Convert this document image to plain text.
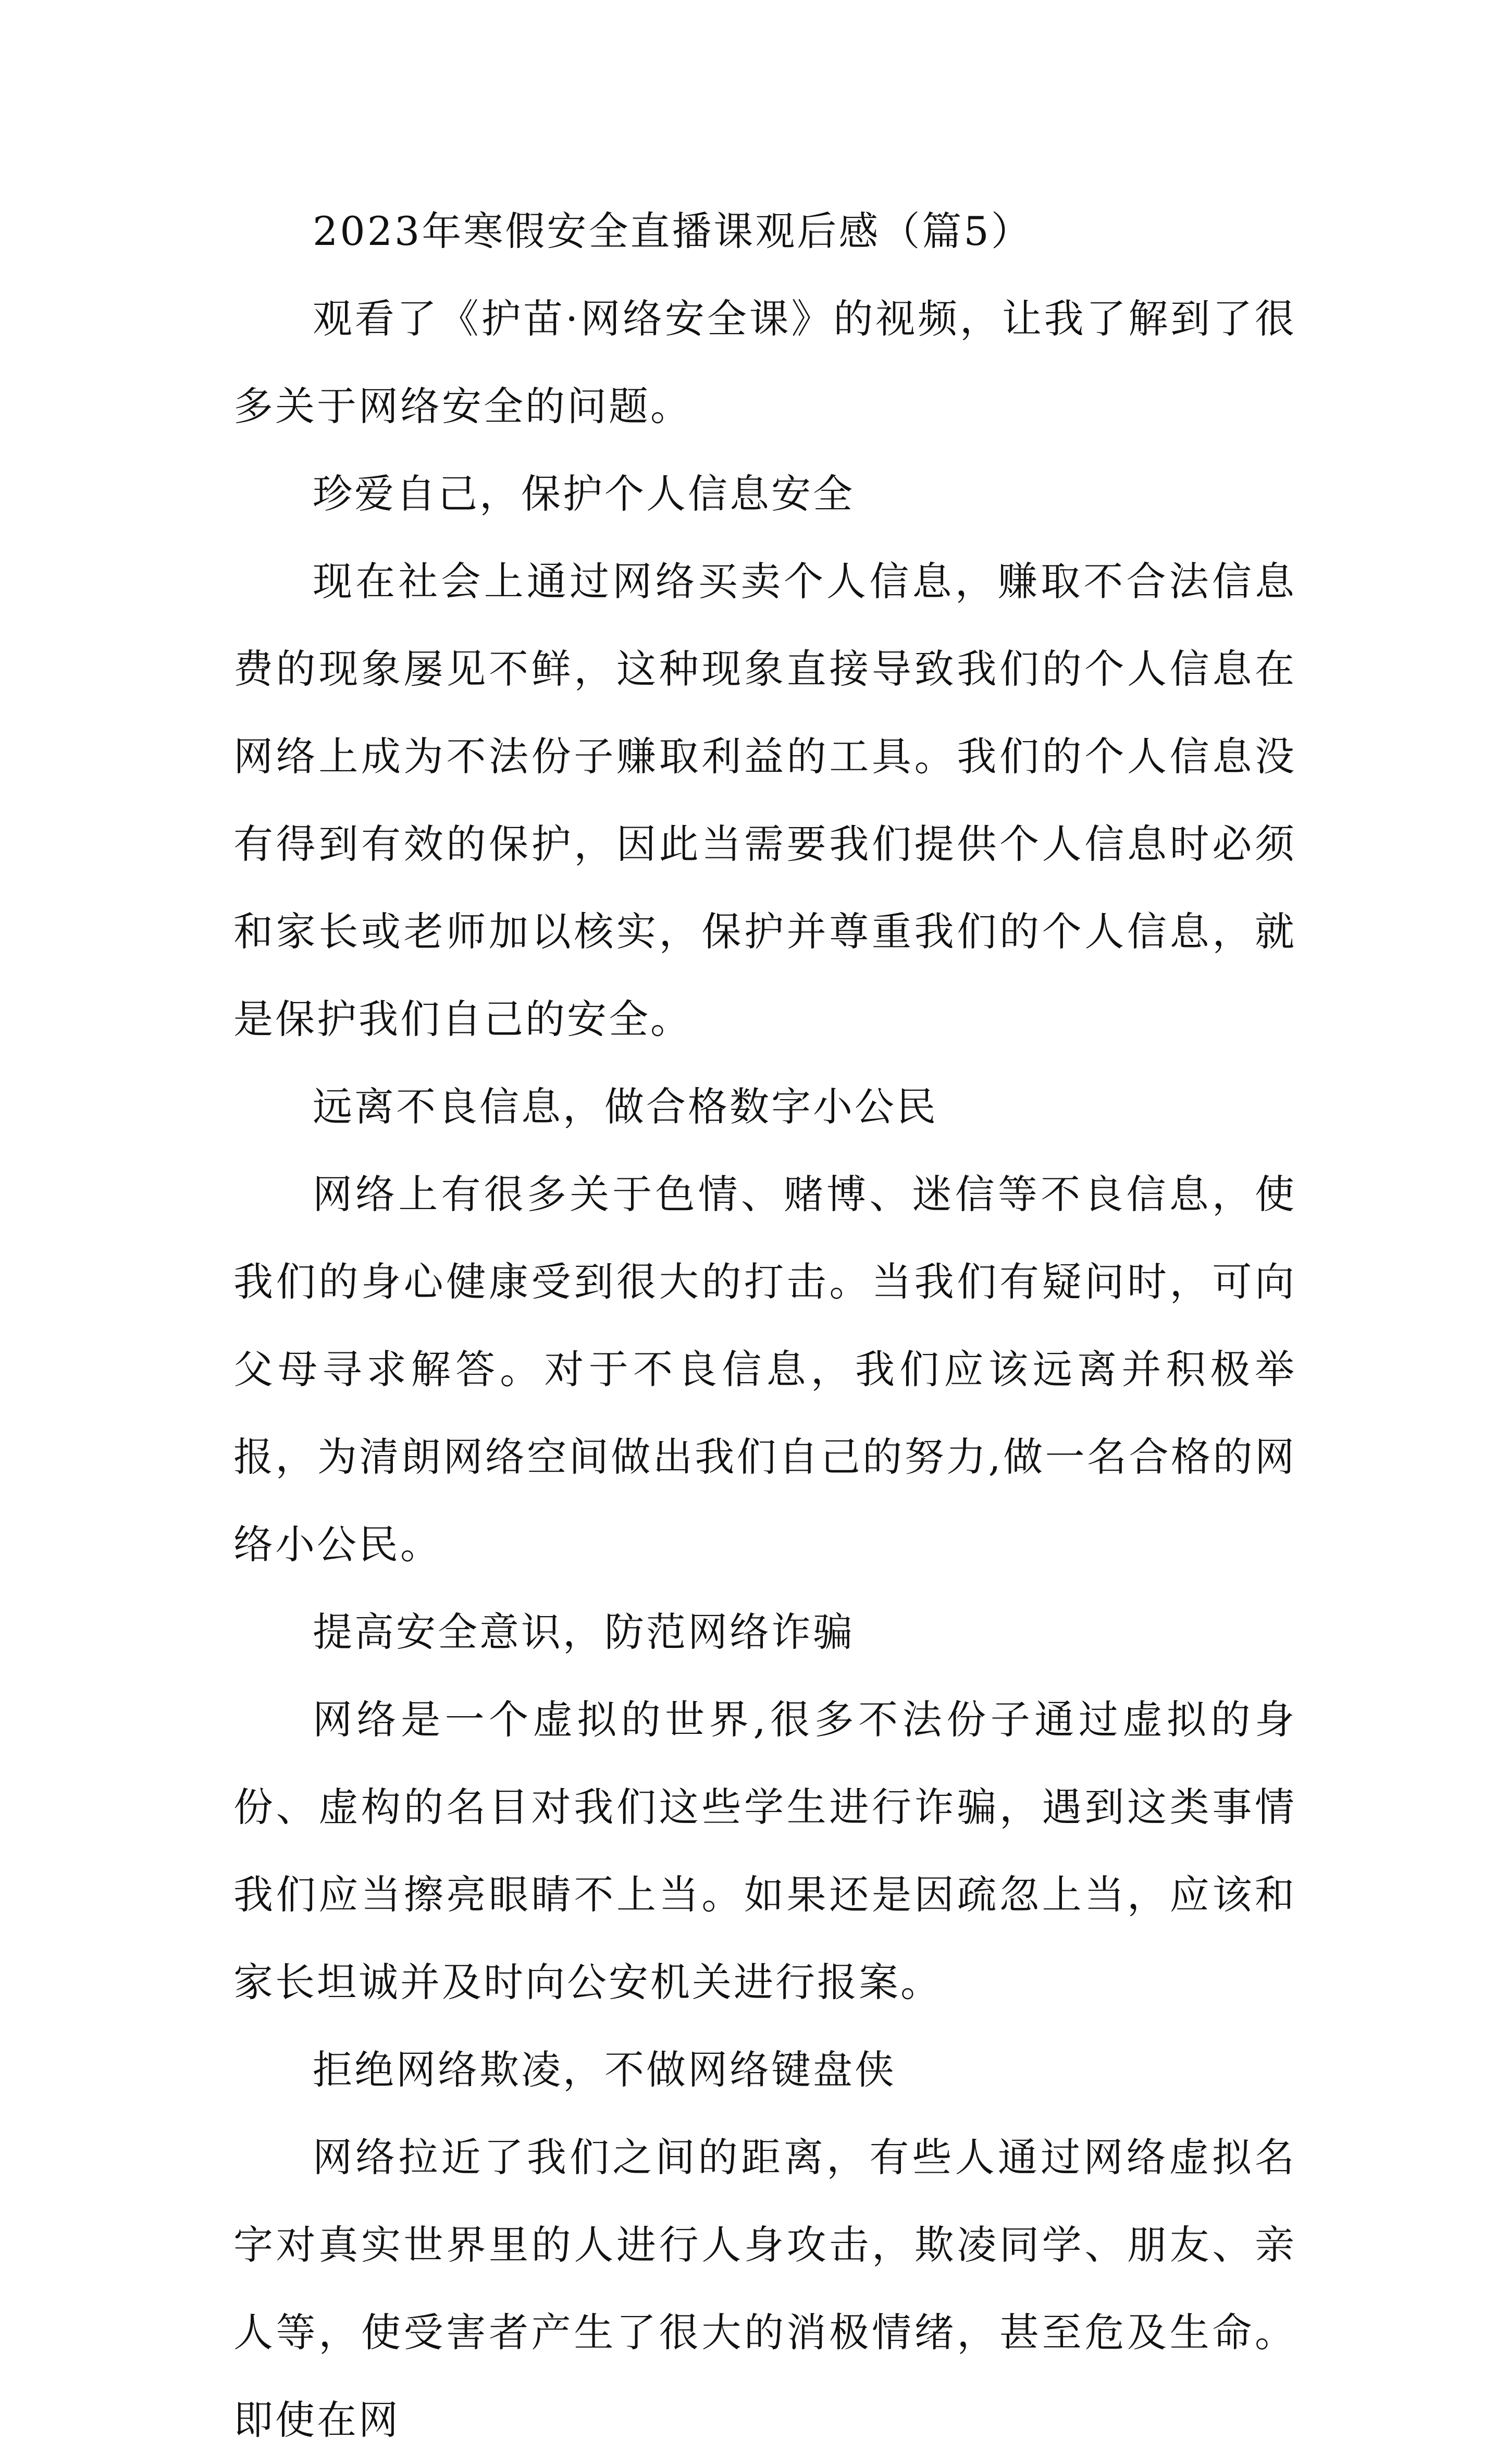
2023年寒假安全直播课观后感（篇5）

观看了《护苗·网络安全课》的视频，让我了解到了很多关于网络安全的问题。

珍爱自己，保护个人信息安全

现在社会上通过网络买卖个人信息，赚取不合法信息费的现象屡见不鲜，这种现象直接导致我们的个人信息在网络上成为不法份子赚取利益的工具。我们的个人信息没有得到有效的保护，因此当需要我们提供个人信息时必须和家长或老师加以核实，保护并尊重我们的个人信息，就是保护我们自己的安全。

远离不良信息，做合格数字小公民

网络上有很多关于色情、赌博、迷信等不良信息，使我们的身心健康受到很大的打击。当我们有疑问时，可向父母寻求解答。对于不良信息，我们应该远离并积极举报，为清朗网络空间做出我们自己的努力,做一名合格的网络小公民。

提高安全意识，防范网络诈骗

网络是一个虚拟的世界,很多不法份子通过虚拟的身份、虚构的名目对我们这些学生进行诈骗，遇到这类事情我们应当擦亮眼睛不上当。如果还是因疏忽上当，应该和家长坦诚并及时向公安机关进行报案。

拒绝网络欺凌，不做网络键盘侠

网络拉近了我们之间的距离，有些人通过网络虚拟名字对真实世界里的人进行人身攻击，欺凌同学、朋友、亲人等，使受害者产生了很大的消极情绪，甚至危及生命。即使在网
